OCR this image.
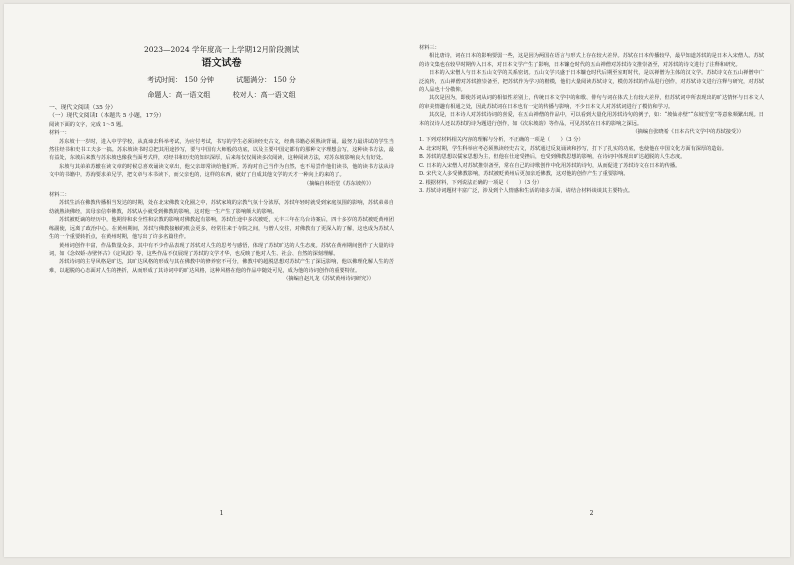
2023—2024 学年度高一上学期12月阶段测试
语文试卷
考试时间： 150 分钟	试题满分： 150 分
命题人：高一语文组	校对人：高一语文组

一、现代文阅读（35 分）

（一）现代文阅读Ⅰ（本题共 5 小题，17分）

阅读下面的文字，完成 1～5 题。

材料一：

苏东坡十一岁时，进入中学学校，从真谛去科举考试，为应付考试，书写的学生必须读经史古文，经典书籍必须熟读背诵。最努力最讲试的学生当然往经书和史书工夫多一搞。苏东坡读书时总把其用途抄写，要与中国有大师般的功底，以及主要中国定都有的那种文字理想会写，这种读书方法，最有益处，东坡后来教与苏东坡也像我当面考式样，对经书和历史的知识深厚，后来每仅仅阅读多次阅读，这种阅读方法，对苏东坡影响良大有好处。

东坡与其弟弟苏辙在读文章的时候总喜欢诵读文章出，他父亲却常读给他们听。苏洵对自己当作为自然，也不易尝作他们读书，他的读书方法从诗文中的书籍中，苏洵要求弟兄学，把文章与本书读下，而父亲也的，这样的东西，就好了自成其他文学的天才一种向上的来的了。

（摘编自林语堂《苏东坡传》）

材料二：

苏轼生活在佛教传播相当发达的时期，处在北宋佛教文化圈之中，苏轼家境的宗教气氛十分浓厚，苏轼年轻时就受到家庭氛围的影响，苏轼弟弟自幼就熟读佛经，其母亲信奉佛教，苏轼从小就受到佛教的影响，这对他一生产生了影响颇大的影响。

苏轼被贬谪的经历中，他期待和求全性和宗教的影响对佛教起有影响，苏轼仕途中多次被贬，元丰三年在乌台诗案后，四十多岁的苏轼被贬黄州团练副使，远离了政治中心。在黄州期间，苏轼与佛教接触的机会更多，经常往来于寺院之间，与僧人交往，对佛教有了更深入的了解，这也成为苏轼人生的一个重要转折点，在黄州时期，他写出了许多名篇佳作。

黄州词创作丰富，作品数量众多，其中有不少作品表现了苏轼对人生的思考与感悟，体现了苏轼旷达的人生态度。苏轼在黄州期间创作了大量的诗词，如《念奴娇·赤壁怀古》《定风波》等，这些作品不仅展现了苏轼的文学才华，也反映了他对人生、社会、自然的深刻理解。

苏轼诗词的主导风格是旷达，其旷达风格的形成与其在佛教中的修养密不可分，佛教中的超脱思想对苏轼产生了深远影响，他以佛理化解人生的苦难，以超脱的心态面对人生的挫折，从而形成了其诗词中的旷达风格，这种风格在他的作品中随处可见，成为他的诗词创作的重要特征。

（摘编自赵凡龙《苏轼黄州诗词研究》）

1

材料三：

相比唐诗，词在日本的影响要弱一些，这是因为两国在语言与形式上存在较大差异。苏轼在日本传播较早，最早知道苏轼的是日本入宋僧人。苏轼的诗文集也在较早时期传入日本，对日本文学产生了影响，日本镰仓时代的五山禅僧对苏轼诗文推崇备至，对苏轼的诗文进行了注释和研究。

日本的入宋僧人与日本五山文学的关系密切。五山文学兴盛于日本镰仓时代后期至室町时代，是以禅僧为主体的汉文学。苏轼诗文在五山禅僧中广泛流传，五山禅僧对苏轼推崇备至，把苏轼作为学习的楷模，他们大量阅读苏轼诗文，模仿苏轼的作品进行创作，对苏轼诗文进行注释与研究，对苏轼的人品也十分敬仰。

其次是因为，即使苏词从词的相似性差别上，传统日本文学中的和歌、俳句与词在体式上有较大差异，但苏轼词中所表现出的旷达情怀与日本文人的审美情趣有相通之处，因此苏轼词在日本也有一定的传播与影响，不少日本文人对苏轼词进行了模仿和学习。

其次是，日本诗人对苏轼诗词的喜爱，在五山禅僧的作品中，可以看到大量化用苏轼诗句的例子，如：“坡仙赤壁”“东坡雪堂”等意象频繁出现。日本的汉诗人还以苏轼的诗为题进行创作，如《次东坡韵》等作品，可见苏轼在日本的影响之深远。

（摘编自张晓希《日本古代文学中的苏轼接受》）

1. 下列对材料相关内容的理解与分析，不正确的一项是（　　）（3 分）

A. 北宋时期，学生科举应考必须熟读经史古文，苏轼通过反复诵读和抄写，打下了扎实的功底，也使他在中国文化方面有深厚的造诣。

B. 苏轼的思想以儒家思想为主，但他在仕途受挫后，也受到佛教思想的影响，在诗词中体现出旷达超脱的人生态度。

C. 日本的入宋僧人对苏轼推崇备至，常在自己的诗歌创作中化用苏轼的诗句，从而促进了苏轼诗文在日本的传播。

D. 宋代文人多受佛教影响，苏轼被贬黄州后更加亲近佛教，这对他的创作产生了重要影响。

2. 根据材料，下列说法正确的一项是（　　）（3 分）

3. 苏轼诗词题材丰富广泛，涉及到个人情感和生活的诸多方面，请结合材料谈谈其主要特点。

2
